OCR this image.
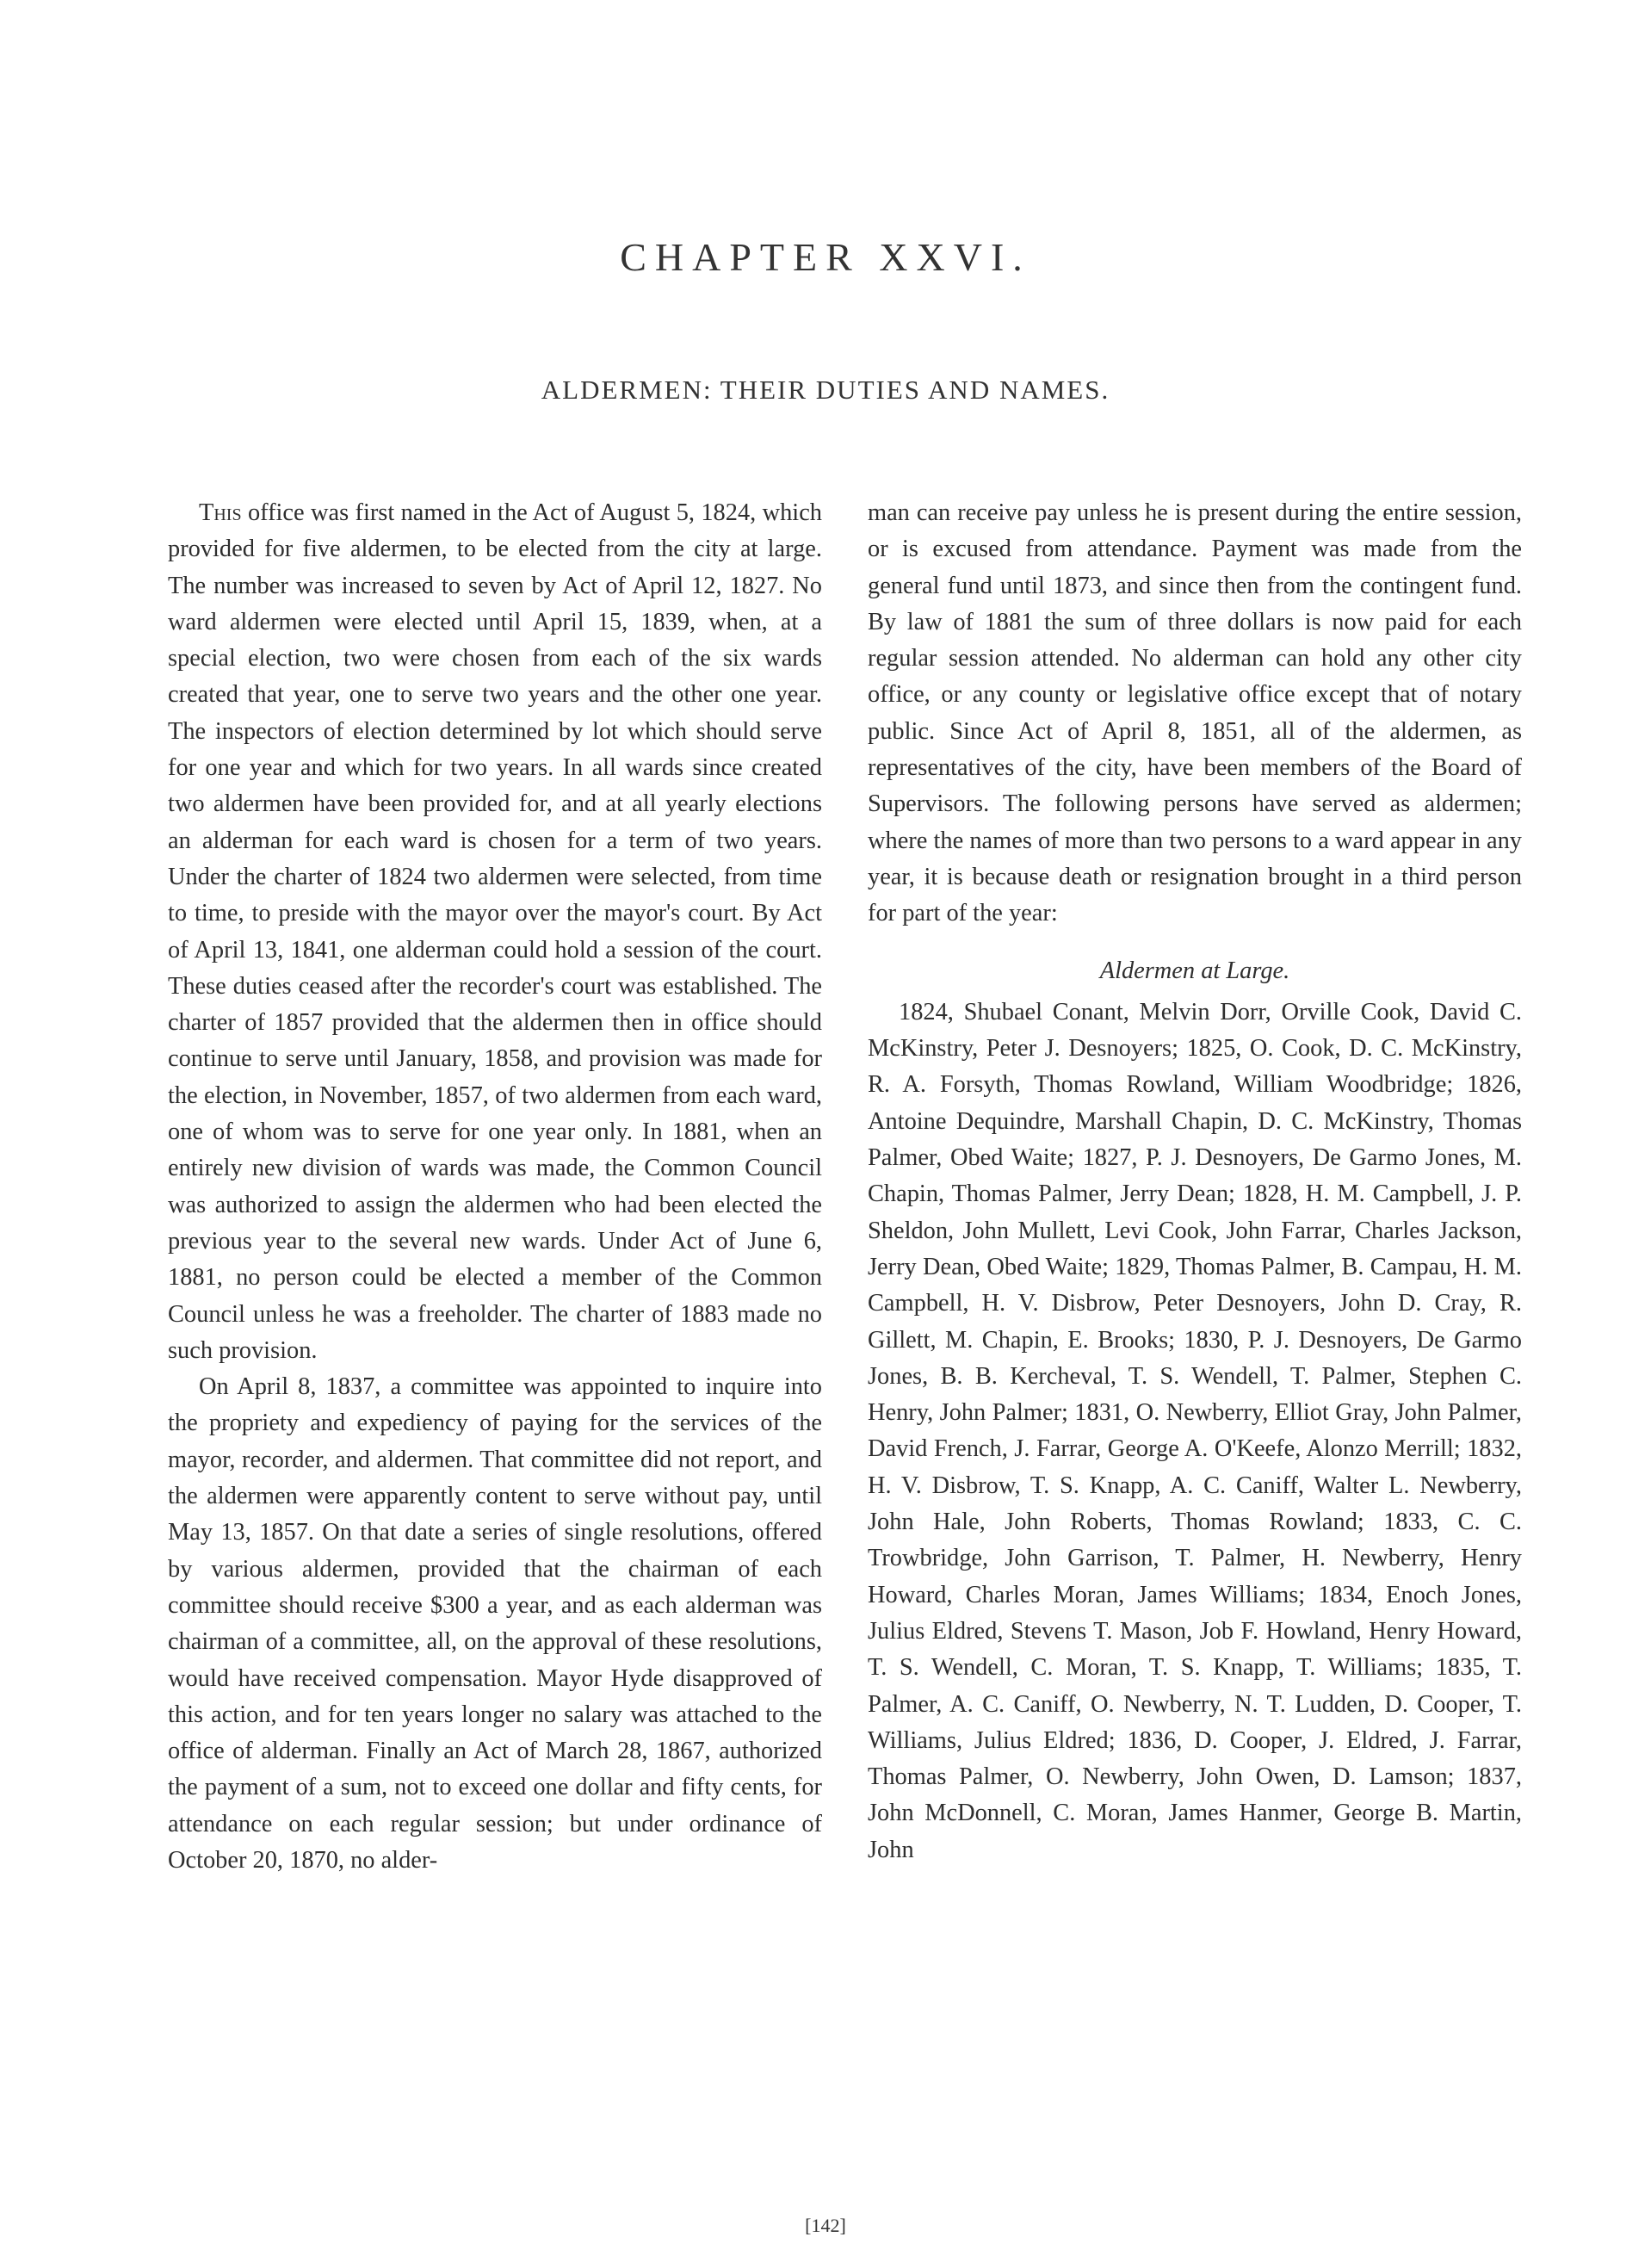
CHAPTER XXVI.
ALDERMEN: THEIR DUTIES AND NAMES.

This office was first named in the Act of August 5, 1824, which provided for five aldermen, to be elected from the city at large. The number was increased to seven by Act of April 12, 1827. No ward aldermen were elected until April 15, 1839, when, at a special election, two were chosen from each of the six wards created that year, one to serve two years and the other one year. The inspectors of election determined by lot which should serve for one year and which for two years. In all wards since created two aldermen have been provided for, and at all yearly elections an alderman for each ward is chosen for a term of two years. Under the charter of 1824 two aldermen were selected, from time to time, to preside with the mayor over the mayor's court. By Act of April 13, 1841, one alderman could hold a session of the court. These duties ceased after the recorder's court was established. The charter of 1857 provided that the aldermen then in office should continue to serve until January, 1858, and provision was made for the election, in November, 1857, of two aldermen from each ward, one of whom was to serve for one year only. In 1881, when an entirely new division of wards was made, the Common Council was authorized to assign the aldermen who had been elected the previous year to the several new wards. Under Act of June 6, 1881, no person could be elected a member of the Common Council unless he was a freeholder. The charter of 1883 made no such provision.

On April 8, 1837, a committee was appointed to inquire into the propriety and expediency of paying for the services of the mayor, recorder, and aldermen. That committee did not report, and the aldermen were apparently content to serve without pay, until May 13, 1857. On that date a series of single resolutions, offered by various aldermen, provided that the chairman of each committee should receive $300 a year, and as each alderman was chairman of a committee, all, on the approval of these resolutions, would have received compensation. Mayor Hyde disapproved of this action, and for ten years longer no salary was attached to the office of alderman. Finally an Act of March 28, 1867, authorized the payment of a sum, not to exceed one dollar and fifty cents, for attendance on each regular session; but under ordinance of October 20, 1870, no alder-

man can receive pay unless he is present during the entire session, or is excused from attendance. Payment was made from the general fund until 1873, and since then from the contingent fund. By law of 1881 the sum of three dollars is now paid for each regular session attended. No alderman can hold any other city office, or any county or legislative office except that of notary public. Since Act of April 8, 1851, all of the aldermen, as representatives of the city, have been members of the Board of Supervisors. The following persons have served as aldermen; where the names of more than two persons to a ward appear in any year, it is because death or resignation brought in a third person for part of the year:

Aldermen at Large.

1824, Shubael Conant, Melvin Dorr, Orville Cook, David C. McKinstry, Peter J. Desnoyers; 1825, O. Cook, D. C. McKinstry, R. A. Forsyth, Thomas Rowland, William Woodbridge; 1826, Antoine Dequindre, Marshall Chapin, D. C. McKinstry, Thomas Palmer, Obed Waite; 1827, P. J. Desnoyers, De Garmo Jones, M. Chapin, Thomas Palmer, Jerry Dean; 1828, H. M. Campbell, J. P. Sheldon, John Mullett, Levi Cook, John Farrar, Charles Jackson, Jerry Dean, Obed Waite; 1829, Thomas Palmer, B. Campau, H. M. Campbell, H. V. Disbrow, Peter Desnoyers, John D. Cray, R. Gillett, M. Chapin, E. Brooks; 1830, P. J. Desnoyers, De Garmo Jones, B. B. Kercheval, T. S. Wendell, T. Palmer, Stephen C. Henry, John Palmer; 1831, O. Newberry, Elliot Gray, John Palmer, David French, J. Farrar, George A. O'Keefe, Alonzo Merrill; 1832, H. V. Disbrow, T. S. Knapp, A. C. Caniff, Walter L. Newberry, John Hale, John Roberts, Thomas Rowland; 1833, C. C. Trowbridge, John Garrison, T. Palmer, H. Newberry, Henry Howard, Charles Moran, James Williams; 1834, Enoch Jones, Julius Eldred, Stevens T. Mason, Job F. Howland, Henry Howard, T. S. Wendell, C. Moran, T. S. Knapp, T. Williams; 1835, T. Palmer, A. C. Caniff, O. Newberry, N. T. Ludden, D. Cooper, T. Williams, Julius Eldred; 1836, D. Cooper, J. Eldred, J. Farrar, Thomas Palmer, O. Newberry, John Owen, D. Lamson; 1837, John McDonnell, C. Moran, James Hanmer, George B. Martin, John

[142]
